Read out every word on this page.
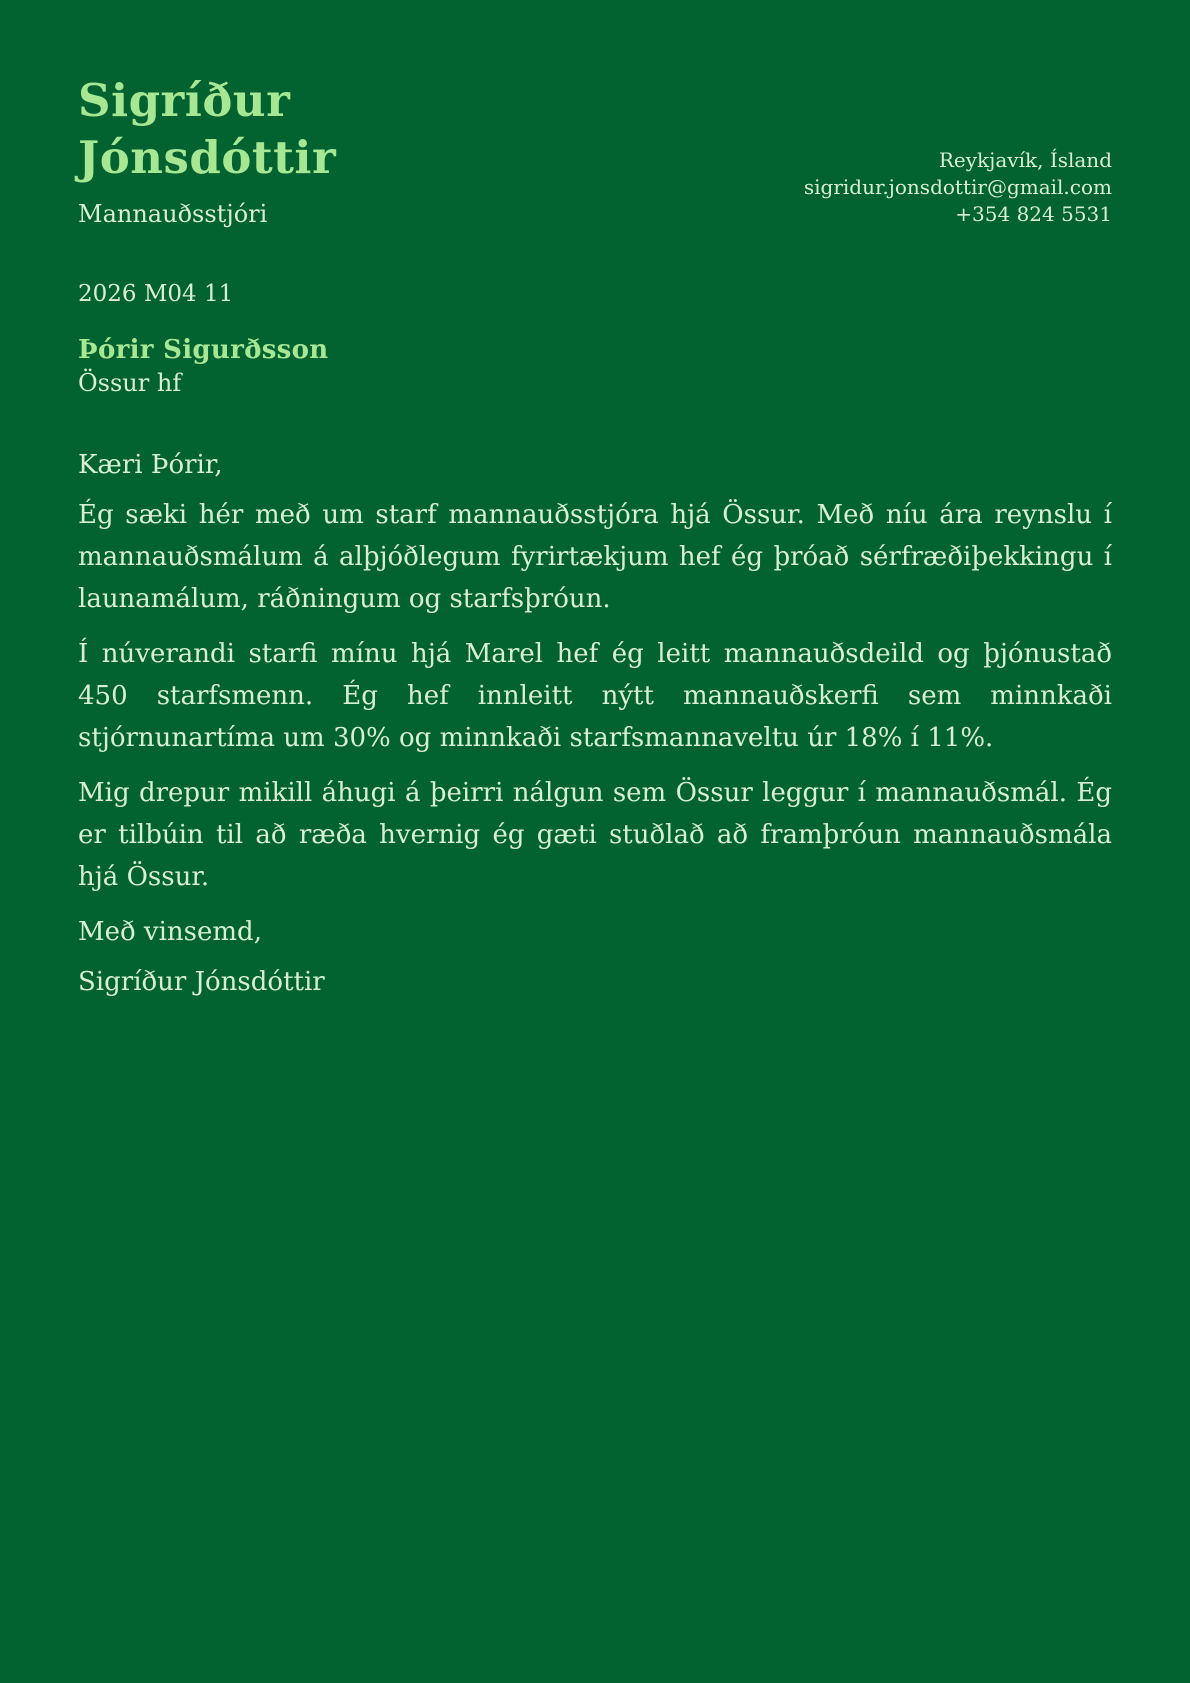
Sigríður Jónsdóttir

Mannauðsstjóri

Reykjavík, Ísland
sigridur.jonsdottir@gmail.com
+354 824 5531

2026 M04 11

Þórir Sigurðsson

Össur hf

Kæri Þórir,

Ég sæki hér með um starf mannauðsstjóra hjá Össur. Með níu ára reynslu í mannauðsmálum á alþjóðlegum fyrirtækjum hef ég þróað sérfræðiþekkingu í launamálum, ráðningum og starfsþróun.

Í núverandi starfi mínu hjá Marel hef ég leitt mannauðsdeild og þjónustað 450 starfsmenn. Ég hef innleitt nýtt mannauðskerfi sem minnkaði stjórnunartíma um 30% og minnkaði starfsmannaveltu úr 18% í 11%.

Mig drepur mikill áhugi á þeirri nálgun sem Össur leggur í mannauðsmál. Ég er tilbúin til að ræða hvernig ég gæti stuðlað að framþróun mannauðsmála hjá Össur.

Með vinsemd,

Sigríður Jónsdóttir
